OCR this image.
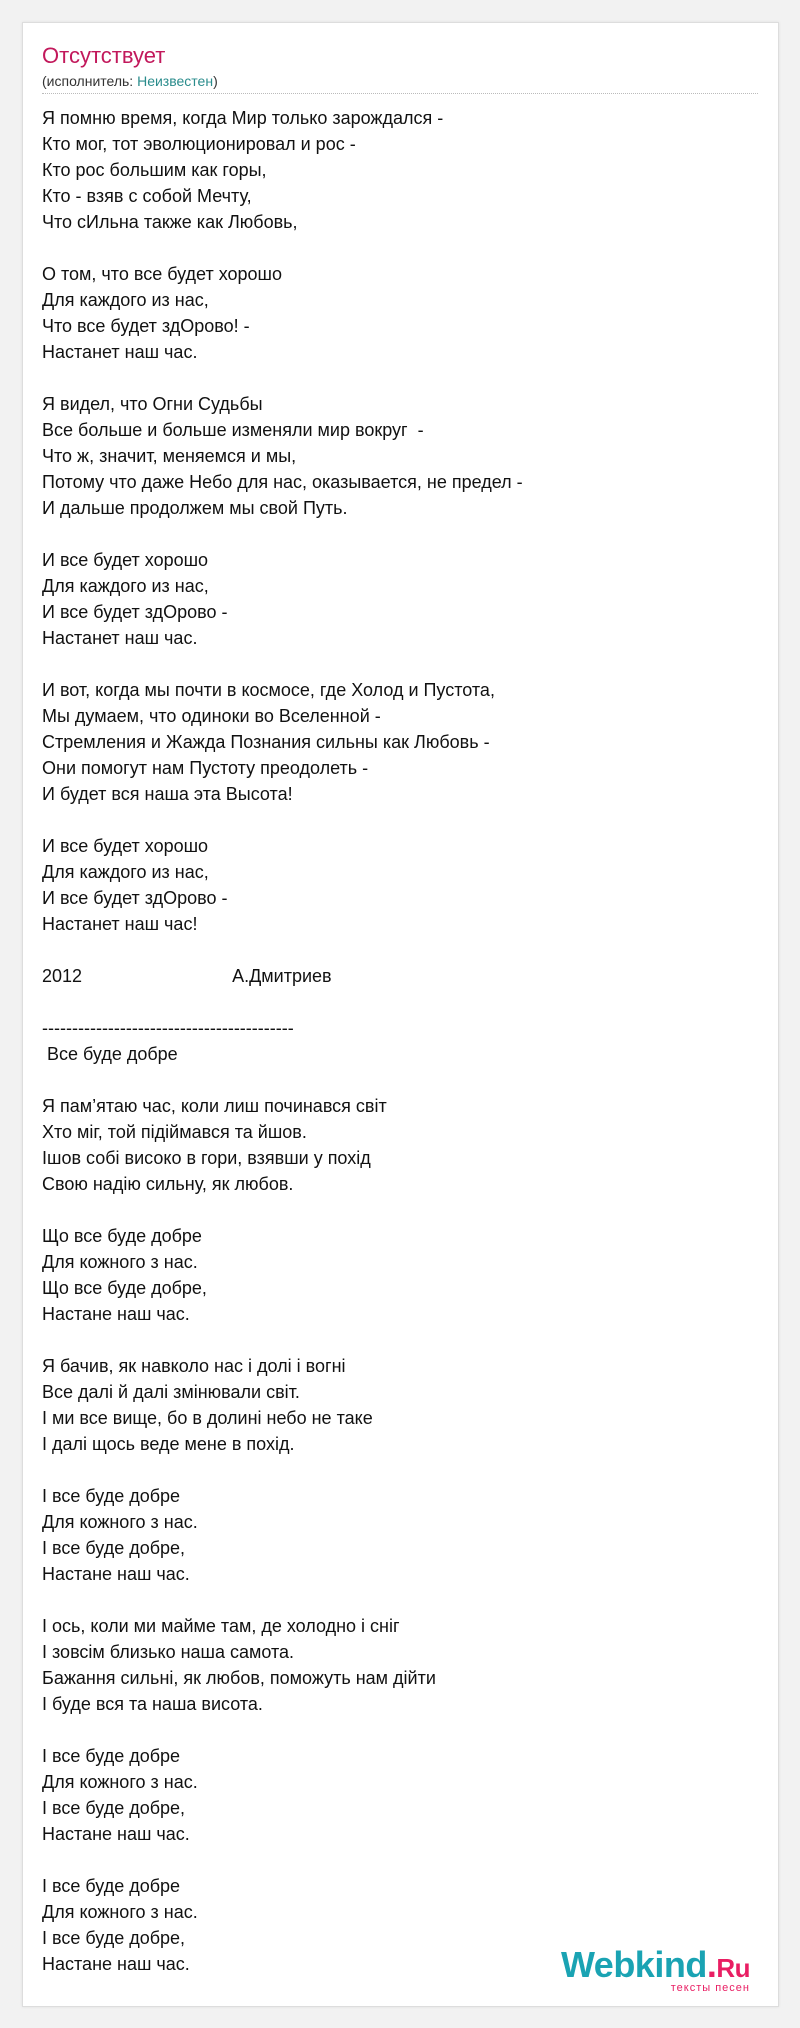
Отсутствует
(исполнитель: Неизвестен)
Я помню время, когда Мир только зарождался -
Кто мог, тот эволюционировал и рос -
Кто рос большим как горы,
Кто - взяв с собой Мечту,
Что сИльна также как Любовь,
О том, что все будет хорошо
Для каждого из нас,
Что все будет здОрово! -
Настанет наш час.
Я видел, что Огни Судьбы
Все больше и больше изменяли мир вокруг  -
Что ж, значит, меняемся и мы,
Потому что даже Небо для нас, оказывается, не предел -
И дальше продолжем мы свой Путь.
И все будет хорошо
Для каждого из нас,
И все будет здОрово -
Настанет наш час.
И вот, когда мы почти в космосе, где Холод и Пустота,
Мы думаем, что одиноки во Вселенной -
Стремления и Жажда Познания сильны как Любовь -
Они помогут нам Пустоту преодолеть -
И будет вся наша эта Высота!
И все будет хорошо
Для каждого из нас,
И все будет здОрово -
Настанет наш час!
2012                              А.Дмитриев
------------------------------------------
Все буде добре
Я пам’ятаю час, коли лиш починався світ
Хто міг, той підіймався та йшов.
Ішов собі високо в гори, взявши у похід
Свою надію сильну, як любов.
Що все буде добре
Для кожного з нас.
Що все буде добре,
Настане наш час.
Я бачив, як навколо нас і долі і вогні
Все далі й далі змінювали світ.
І ми все вище, бо в долині небо не таке
І далі щось веде мене в похід.
І все буде добре
Для кожного з нас.
І все буде добре,
Настане наш час.
І ось, коли ми майме там, де холодно і сніг
І зовсім близько наша самота.
Бажання сильні, як любов, поможуть нам дійти
І буде вся та наша висота.
І все буде добре
Для кожного з нас.
І все буде добре,
Настане наш час.
І все буде добре
Для кожного з нас.
І все буде добре,
Настане наш час.	Webkind.Ru
тексты песен
